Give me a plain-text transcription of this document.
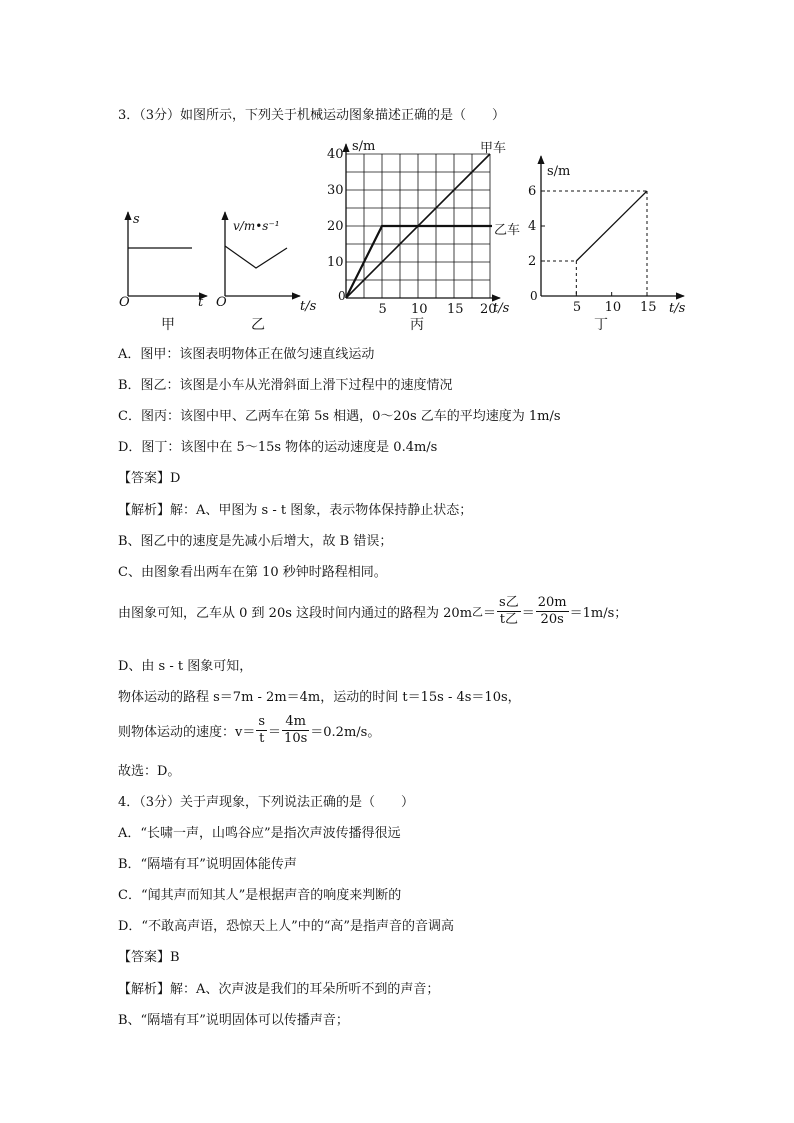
3．（3分）如图所示，下列关于机械运动图象描述正确的是（　　）
s
t
O
甲
v/m•s⁻¹
t/s
O
乙
10
20
30
40
5 10 15 20
s/m
t/s
0
甲车
乙车
丙
2
4
6
5 10 15
s/m
t/s
0
丁
A．图甲：该图表明物体正在做匀速直线运动
B．图乙：该图是小车从光滑斜面上滑下过程中的速度情况
C．图丙：该图中甲、乙两车在第 5s 相遇，0～20s 乙车的平均速度为 1m/s
D．图丁：该图中在 5～15s 物体的运动速度是 0.4m/s
【答案】D
【解析】解：A、甲图为 s - t 图象，表示物体保持静止状态；
B、图乙中的速度是先减小后增大，故 B 错误；
C、由图象看出两车在第 10 秒钟时路程相同。
由图象可知，乙车从 0 到 20s 这段时间内通过的路程为 20m乙＝ $\frac{\text{s乙}}{\text{t乙}} = \frac{20m}{20s} =1m/s$；
D、由 s - t 图象可知，
物体运动的路程 s＝7m - 2m＝4m，运动的时间 t＝15s - 4s＝10s，
则物体运动的速度：$v= \frac{s}{t} = \frac{4m}{10s} =0.2m/s$。
故选：D。
4．（3分）关于声现象，下列说法正确的是（　　）
A．“长啸一声，山鸣谷应”是指次声波传播得很远
B．“隔墙有耳”说明固体能传声
C．“闻其声而知其人”是根据声音的响度来判断的
D．“不敢高声语，恐惊天上人”中的“高”是指声音的音调高
【答案】B
【解析】解：A、次声波是我们的耳朵所听不到的声音；
B、“隔墙有耳”说明固体可以传播声音；
